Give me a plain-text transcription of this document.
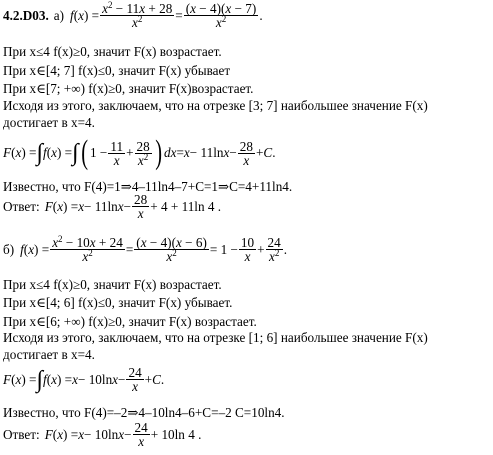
4.2.D03. а) f ( x ) = $\frac{x^2 - 11x + 28}{x^2} = \frac{(x - 4)(x - 7)}{x^2}$ .
При x≤4 f(x)≥0, значит F(x) возрастает.
При x∈[4; 7] f(x)≤0, значит F(x) убывает
При x∈[7; +∞) f(x)≥0, значит F(x)возрастает.
Исходя из этого, заключаем, что на отрезке [3; 7] наибольшее значение F(x)
достигает в x=4.
F ( x ) = ∫ f ( x ) = ∫ ( $1 - \frac{11}{x} + \frac{28}{x^2}$ ) dx = x − 11ln $x - \frac{28}{x} + C$ .
Известно, что F(4)=1⇒4–11ln4–7+C=1⇒C=4+11ln4.
Ответ: F ( x ) = x − 11ln $x - \frac{28}{x} + 4 + 11\ln$ 4 .
б) f ( x ) = $\frac{x^2 - 10x + 24}{x^2} = \frac{(x - 4)(x - 6)}{x^2} = 1 - \frac{10}{x} + \frac{24}{x^2}$ .
При x≤4 f(x)≥0, значит F(x) возрастает.
При x∈[4; 6] f(x)≤0, значит F(x) убывает.
При x∈[6; +∞) f(x)≥0, значит F(x) возрастает.
Исходя из этого, заключаем, что на отрезке [1; 6] наибольшее значение F(x)
достигает в x=4.
F ( x ) = ∫ f ( x ) = x − 10ln $x - \frac{24}{x} + C$ .
Известно, что F(4)=–2⇒4–10ln4–6+C=–2 C=10ln4.
Ответ: F ( x ) = x − 10ln $x - \frac{24}{x} + 10\ln$ 4 .
